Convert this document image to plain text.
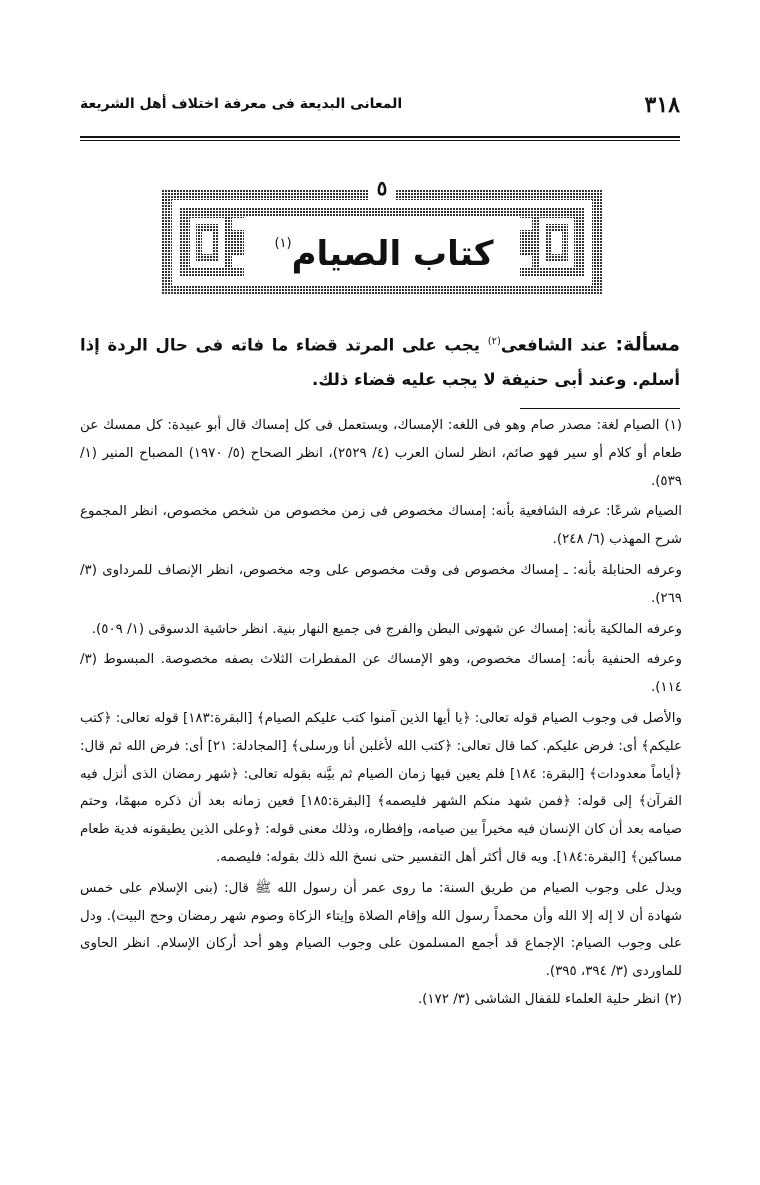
٣١٨
المعانى البديعة فى معرفة اختلاف أهل الشريعة
٥
كتاب الصيام$^{(١)}$
مسألة: عند الشافعى$^{(٢)}$ يجب على المرتد قضاء ما فاته فى حال الردة إذا أسلم. وعند أبى حنيفة لا يجب عليه قضاء ذلك.

(١) الصيام لغة: مصدر صام وهو فى اللغه: الإمساك، ويستعمل فى كل إمساك قال أبو عبيدة: كل ممسك عن طعام أو كلام أو سير فهو صائم، انظر لسان العرب (٤/ ٢٥٢٩)، انظر الصحاح (٥/ ١٩٧٠) المصباح المنير (١/ ٥٣٩).

الصيام شرعًا: عرفه الشافعية بأنه: إمساك مخصوص فى زمن مخصوص من شخص مخصوص، انظر المجموع شرح المهذب (٦/ ٢٤٨).

وعرفه الحنابلة بأنه: ـ إمساك مخصوص فى وقت مخصوص على وجه مخصوص، انظر الإنصاف للمرداوى (٣/ ٢٦٩).

وعرفه المالكية بأنه: إمساك عن شهوتى البطن والفرج فى جميع النهار بنية. انظر حاشية الدسوقى (١/ ٥٠٩).

وعرفه الحنفية بأنه: إمساك مخصوص، وهو الإمساك عن المفطرات الثلاث بصفه مخصوصة. المبسوط (٣/ ١١٤).

والأصل فى وجوب الصيام قوله تعالى: ﴿يا أيها الذين آمنوا كتب عليكم الصيام﴾ [البقرة:١٨٣] قوله تعالى: ﴿كتب عليكم﴾ أى: فرض عليكم. كما قال تعالى: ﴿كتب الله لأغلبن أنا ورسلى﴾ [المجادلة: ٢١] أى: فرض الله ثم قال: ﴿أياماً معدودات﴾ [البقرة: ١٨٤] فلم يعين فيها زمان الصيام ثم بيَّنه بقوله تعالى: ﴿شهر رمضان الذى أنزل فيه القرآن﴾ إلى قوله: ﴿فمن شهد منكم الشهر فليصمه﴾ [البقرة:١٨٥] فعين زمانه بعد أن ذكره مبهمًا، وحتم صيامه بعد أن كان الإنسان فيه مخيراً بين صيامه، وإفطاره، وذلك معنى قوله: ﴿وعلى الذين يطيقونه فدية طعام مساكين﴾ [البقرة:١٨٤]. ويه قال أكثر أهل التفسير حتى نسخ الله ذلك بقوله: فليصمه.

ويدل على وجوب الصيام من طريق السنة: ما روى عمر أن رسول الله ﷺ قال: (بنى الإسلام على خمس شهادة أن لا إله إلا الله وأن محمداً رسول الله وإقام الصلاة وإيتاء الزكاة وصوم شهر رمضان وحج البيت). ودل على وجوب الصيام: الإجماع قد أجمع المسلمون على وجوب الصيام وهو أحد أركان الإسلام. انظر الحاوى للماوردى (٣/ ٣٩٤، ٣٩٥).

(٢) انظر حلية العلماء للقفال الشاشى (٣/ ١٧٢).
